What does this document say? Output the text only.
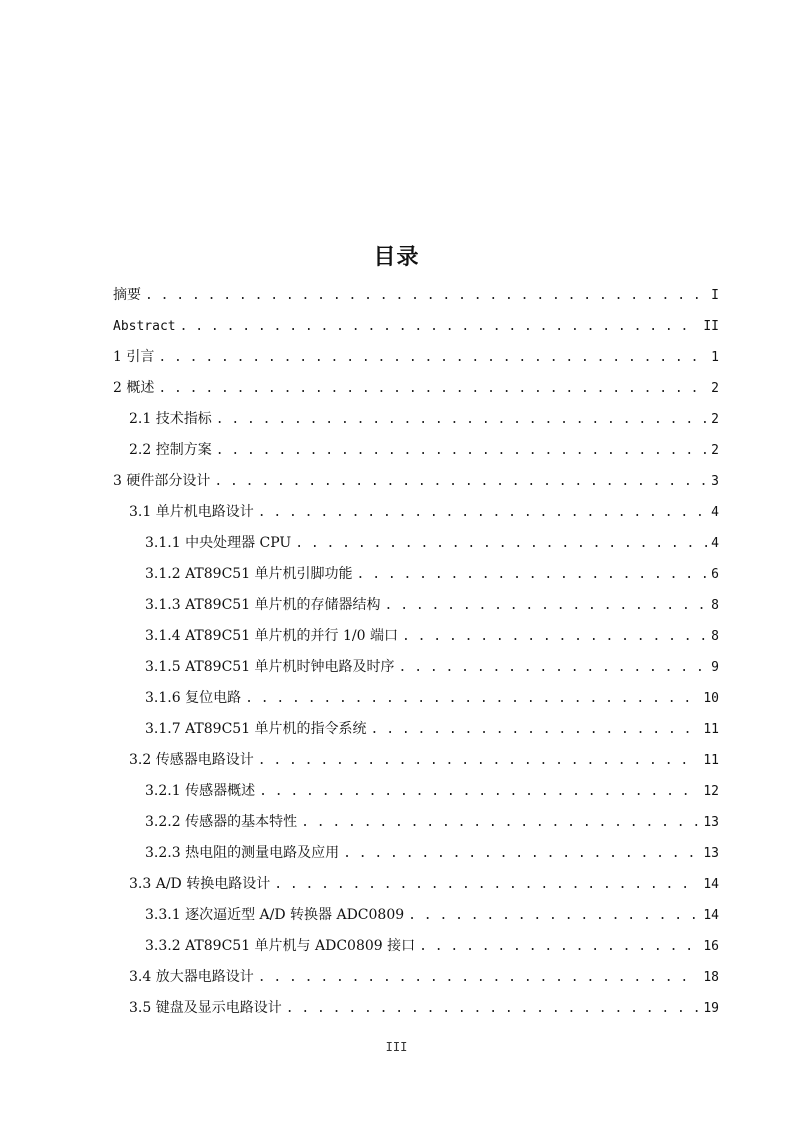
目录
摘要 . . .	I
Abstract . . .	II
1 引言 . . .	1
2 概述 . . .	2
2.1 技术指标 . . .	2
2.2 控制方案 . . .	2
3 硬件部分设计 . . .	3
3.1 单片机电路设计 . . .	4
3.1.1 中央处理器 CPU . . .	4
3.1.2 AT89C51 单片机引脚功能 . . .	6
3.1.3 AT89C51 单片机的存储器结构 . . .	8
3.1.4 AT89C51 单片机的并行 1/0 端口 . . .	8
3.1.5 AT89C51 单片机时钟电路及时序 . . .	9
3.1.6 复位电路 . . .	10
3.1.7 AT89C51 单片机的指令系统 . . .	11
3.2 传感器电路设计 . . .	11
3.2.1 传感器概述 . . .	12
3.2.2 传感器的基本特性 . . .	13
3.2.3 热电阻的测量电路及应用 . . .	13
3.3 A/D 转换电路设计 . . .	14
3.3.1 逐次逼近型 A/D 转换器 ADC0809 . . .	14
3.3.2 AT89C51 单片机与 ADC0809 接口 . . .	16
3.4 放大器电路设计 . . .	18
3.5 键盘及显示电路设计 . . .	19
III
